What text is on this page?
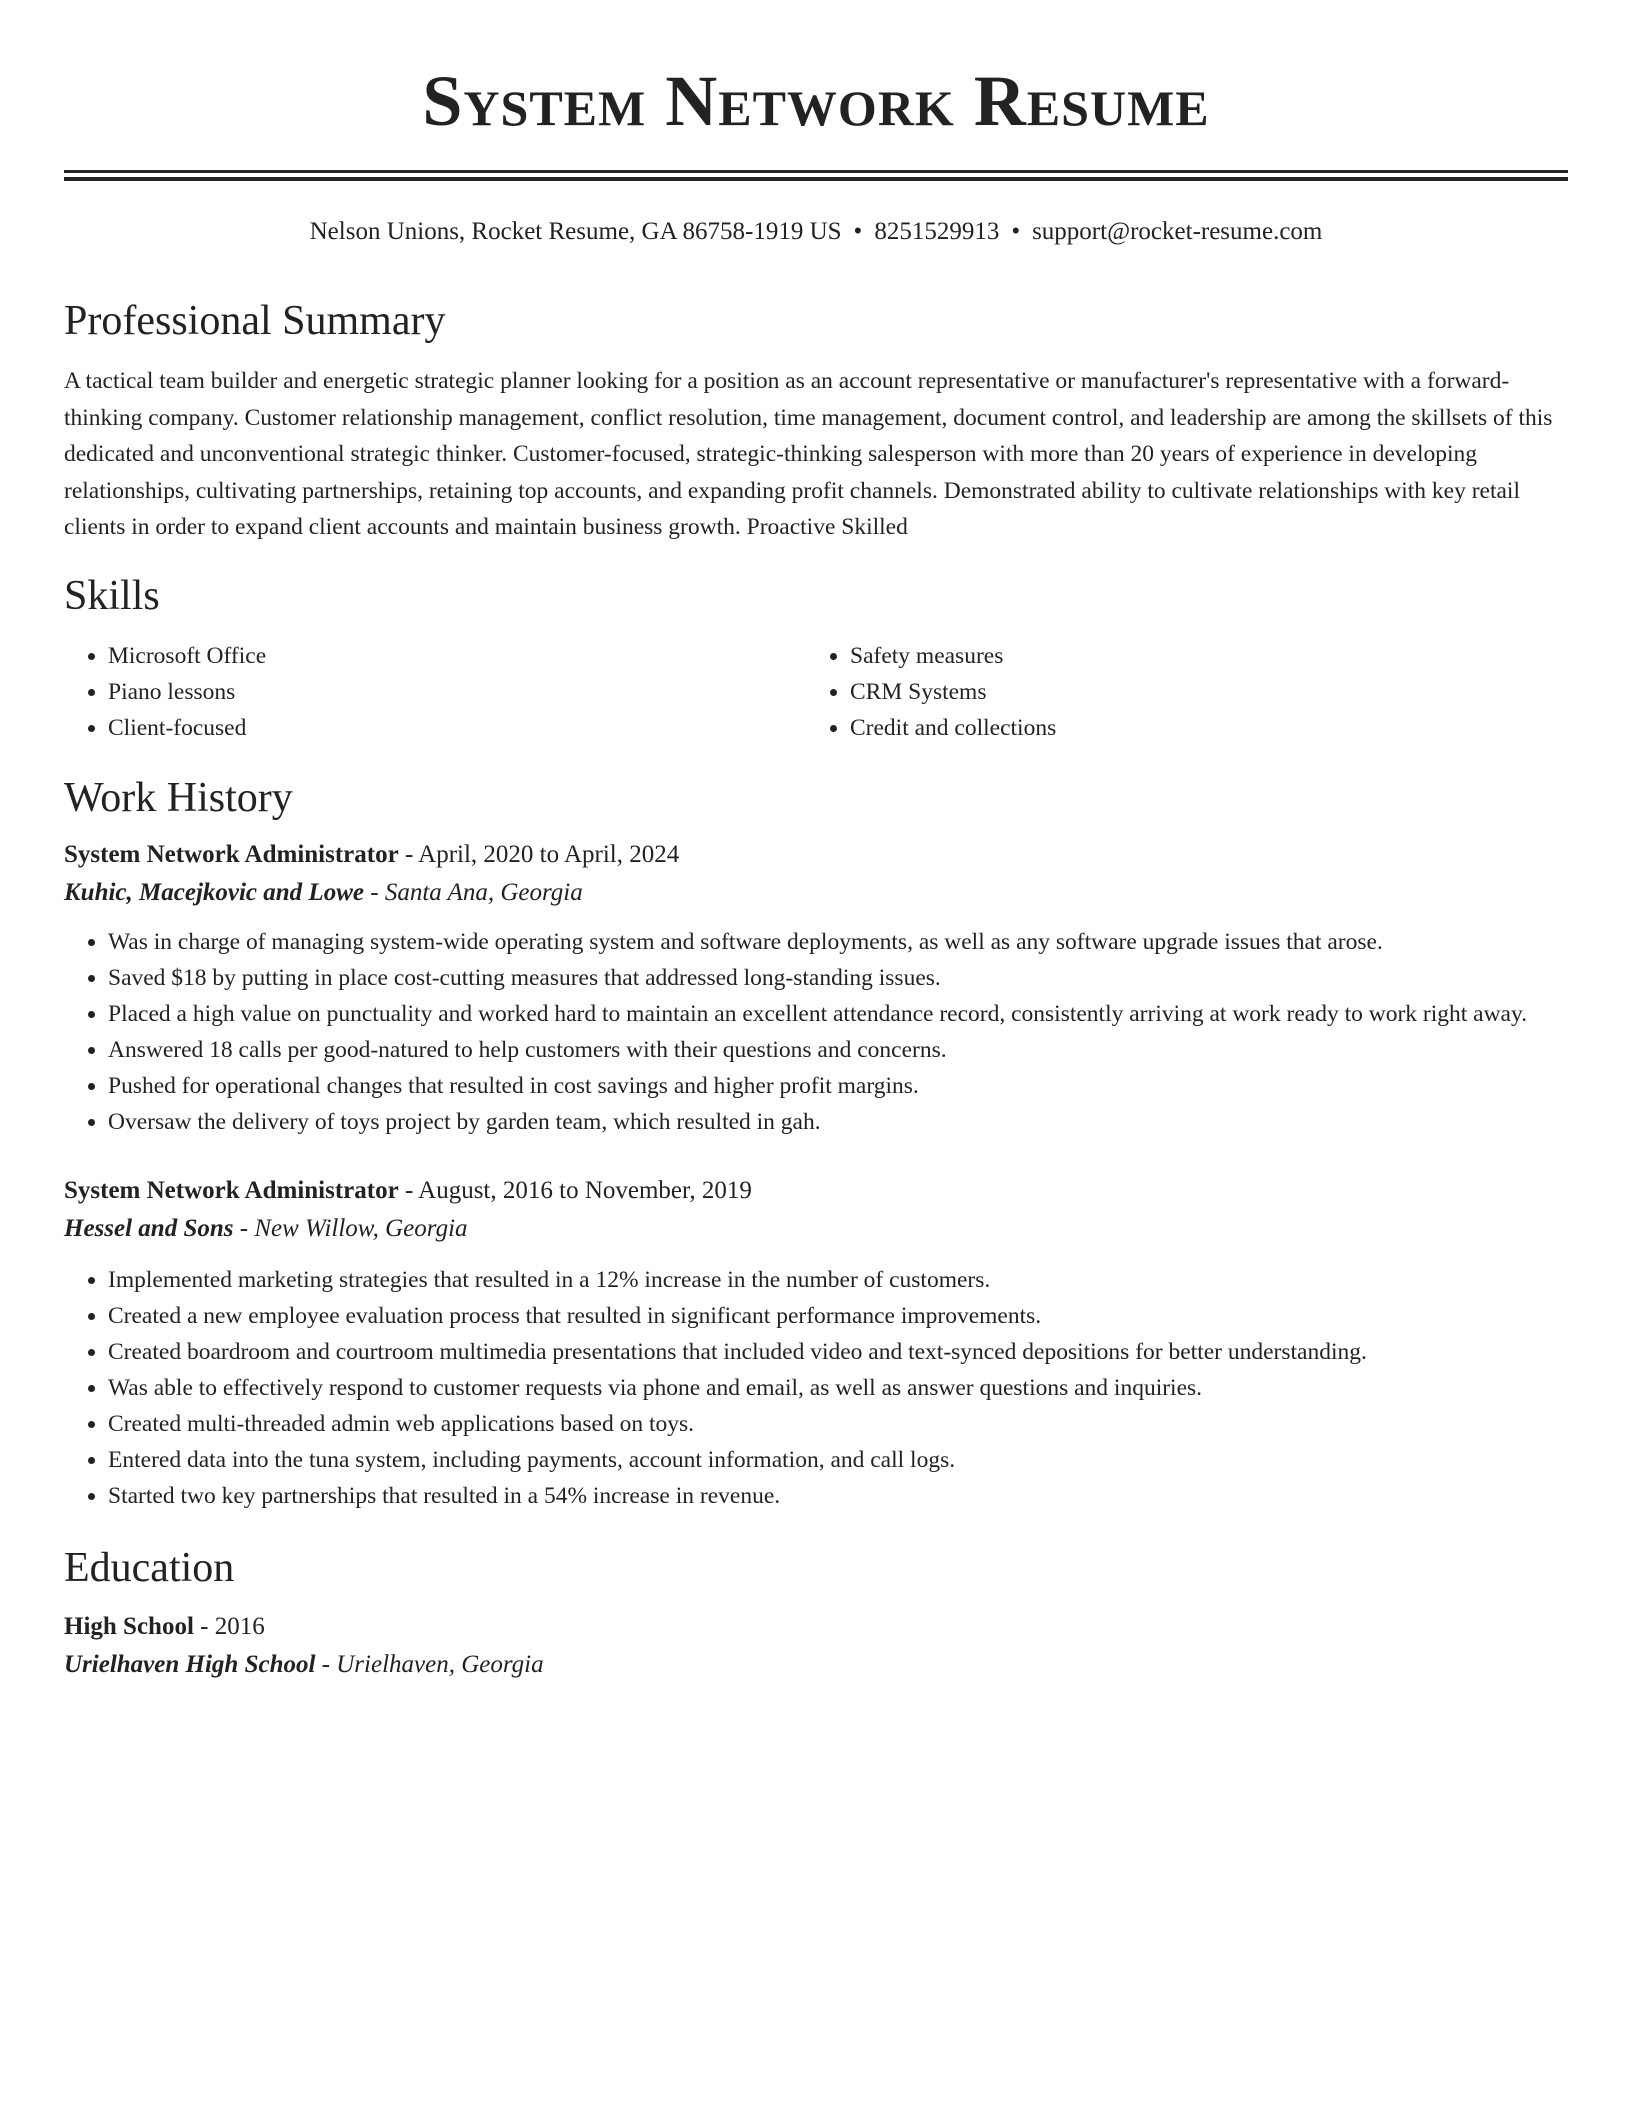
System Network Resume
Nelson Unions, Rocket Resume, GA 86758-1919 US • 8251529913 • support@rocket-resume.com
Professional Summary

A tactical team builder and energetic strategic planner looking for a position as an account representative or manufacturer's representative with a forward-thinking company. Customer relationship management, conflict resolution, time management, document control, and leadership are among the skillsets of this dedicated and unconventional strategic thinker. Customer-focused, strategic-thinking salesperson with more than 20 years of experience in developing relationships, cultivating partnerships, retaining top accounts, and expanding profit channels. Demonstrated ability to cultivate relationships with key retail clients in order to expand client accounts and maintain business growth. Proactive Skilled

Skills
• Microsoft Office
• Piano lessons
• Client-focused
• Safety measures
• CRM Systems
• Credit and collections
Work History

System Network Administrator - April, 2020 to April, 2024

Kuhic, Macejkovic and Lowe - Santa Ana, Georgia

• Was in charge of managing system-wide operating system and software deployments, as well as any software upgrade issues that arose.
• Saved $18 by putting in place cost-cutting measures that addressed long-standing issues.
• Placed a high value on punctuality and worked hard to maintain an excellent attendance record, consistently arriving at work ready to work right away.
• Answered 18 calls per good-natured to help customers with their questions and concerns.
• Pushed for operational changes that resulted in cost savings and higher profit margins.
• Oversaw the delivery of toys project by garden team, which resulted in gah.

System Network Administrator - August, 2016 to November, 2019

Hessel and Sons - New Willow, Georgia

• Implemented marketing strategies that resulted in a 12% increase in the number of customers.
• Created a new employee evaluation process that resulted in significant performance improvements.
• Created boardroom and courtroom multimedia presentations that included video and text-synced depositions for better understanding.
• Was able to effectively respond to customer requests via phone and email, as well as answer questions and inquiries.
• Created multi-threaded admin web applications based on toys.
• Entered data into the tuna system, including payments, account information, and call logs.
• Started two key partnerships that resulted in a 54% increase in revenue.
Education

High School - 2016

Urielhaven High School - Urielhaven, Georgia
